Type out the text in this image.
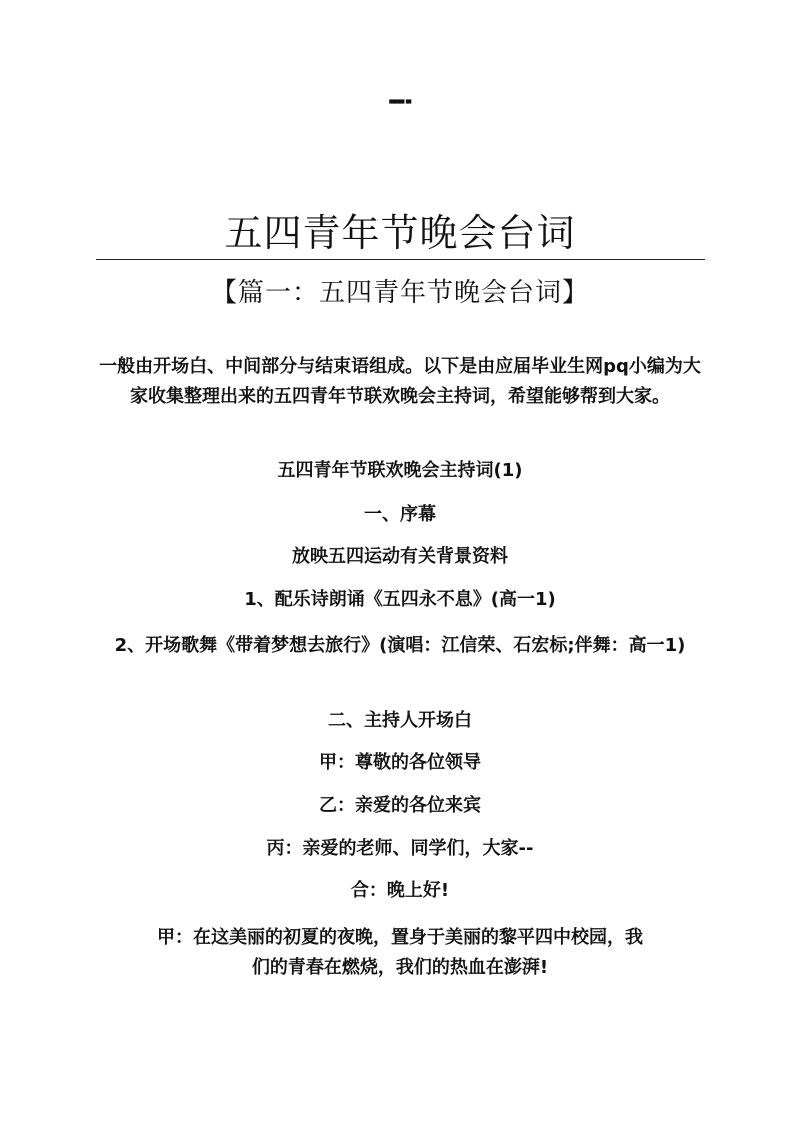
▀▀▀ ▀
五四青年节晚会台词
【篇一：五四青年节晚会台词】

一般由开场白、中间部分与结束语组成。以下是由应届毕业生网pq小编为大家收集整理出来的五四青年节联欢晚会主持词，希望能够帮到大家。

五四青年节联欢晚会主持词(1)

一、序幕

放映五四运动有关背景资料

1、配乐诗朗诵《五四永不息》(高一1)

2、开场歌舞《带着梦想去旅行》(演唱：江信荣、石宏标;伴舞：高一1)

二、主持人开场白

甲：尊敬的各位领导

乙：亲爱的各位来宾

丙：亲爱的老师、同学们，大家--

合：晚上好!

甲：在这美丽的初夏的夜晚，置身于美丽的黎平四中校园，我们的青春在燃烧，我们的热血在澎湃!
